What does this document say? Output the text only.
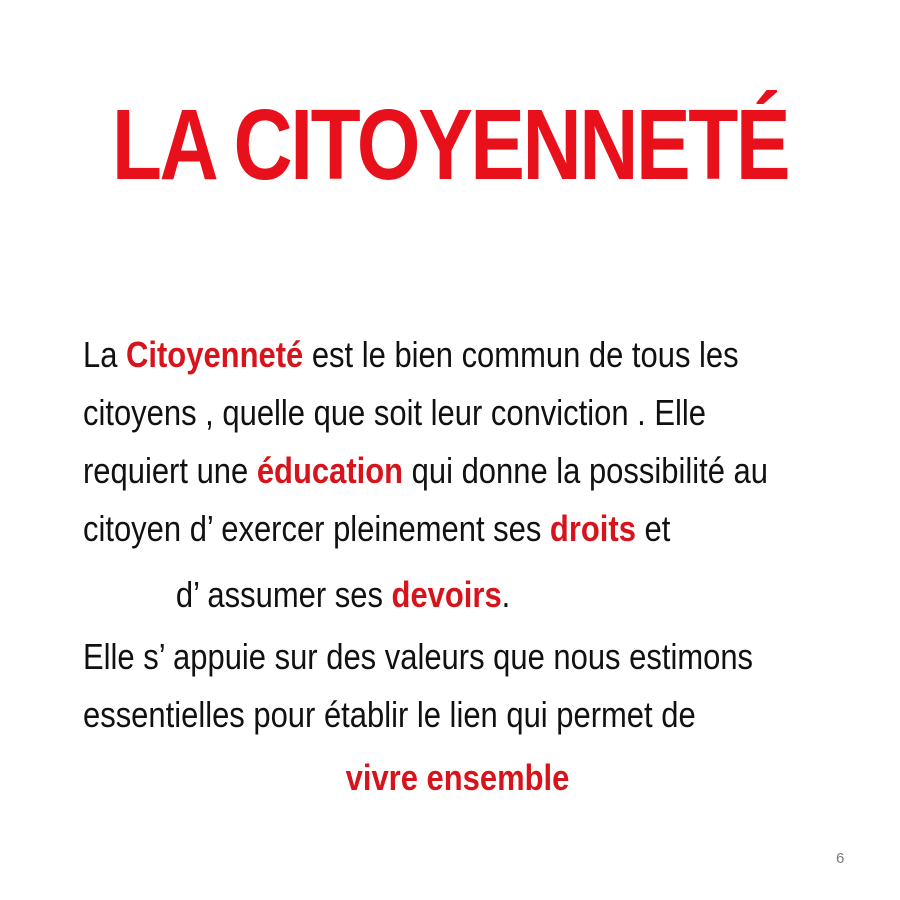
LA CITOYENNETÉ
La Citoyenneté est le bien commun de tous les
citoyens , quelle que soit leur conviction . Elle
requiert une éducation qui donne la possibilité au
citoyen d’ exercer pleinement ses droits et
d’ assumer ses devoirs.
Elle s’ appuie sur des valeurs que nous estimons
essentielles pour établir le lien qui permet de
vivre ensemble
6
